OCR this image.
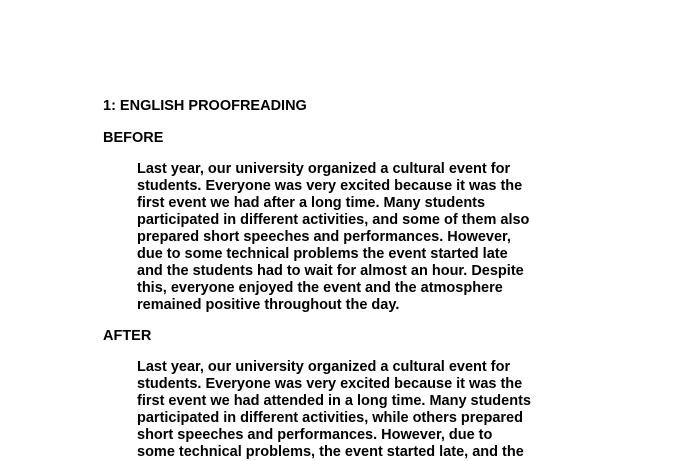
1: ENGLISH PROOFREADING
BEFORE
Last year, our university organized a cultural event for
students. Everyone was very excited because it was the
first event we had after a long time. Many students
participated in different activities, and some of them also
prepared short speeches and performances. However,
due to some technical problems the event started late
and the students had to wait for almost an hour. Despite
this, everyone enjoyed the event and the atmosphere
remained positive throughout the day.
AFTER
Last year, our university organized a cultural event for
students. Everyone was very excited because it was the
first event we had attended in a long time. Many students
participated in different activities, while others prepared
short speeches and performances. However, due to
some technical problems, the event started late, and the
